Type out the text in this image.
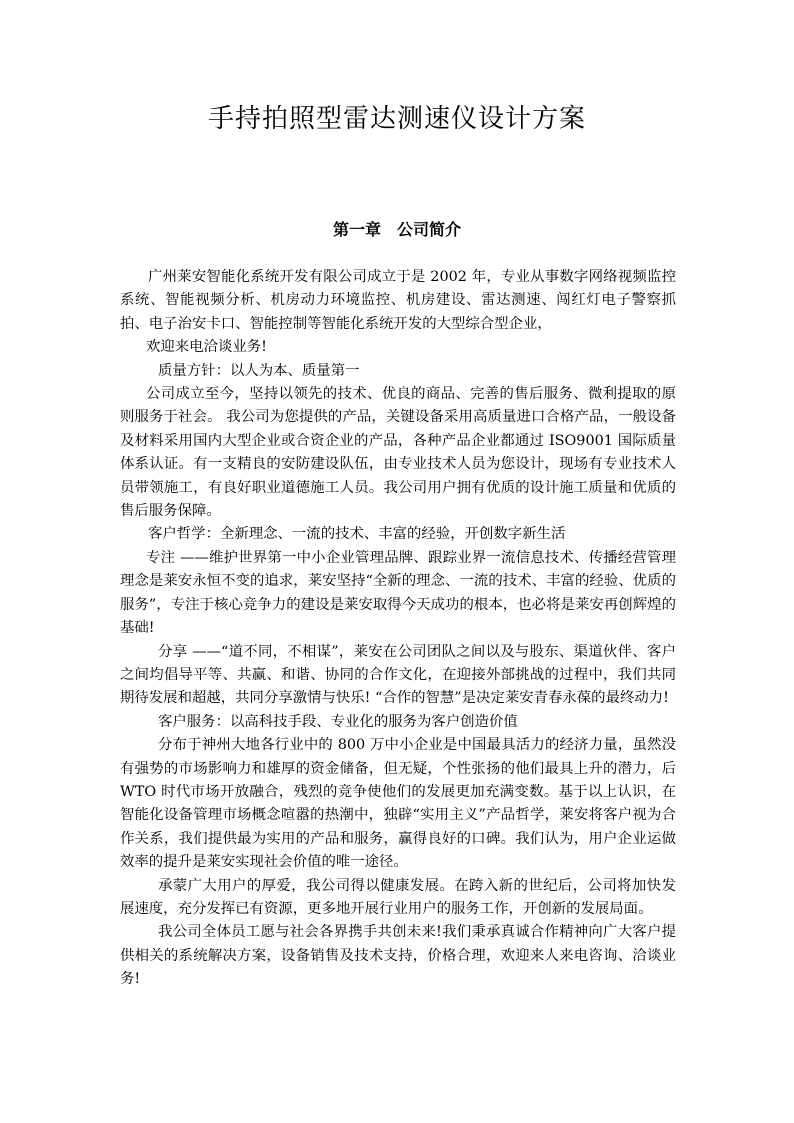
手持拍照型雷达测速仪设计方案
第一章　公司简介

广州莱安智能化系统开发有限公司成立于是 2002 年，专业从事数字网络视频监控系统、智能视频分析、机房动力环境监控、机房建设、雷达测速、闯红灯电子警察抓拍、电子治安卡口、智能控制等智能化系统开发的大型综合型企业，

欢迎来电洽谈业务!

质量方针：以人为本、质量第一

公司成立至今，坚持以领先的技术、优良的商品、完善的售后服务、微利提取的原则服务于社会。 我公司为您提供的产品，关键设备采用高质量进口合格产品，一般设备及材料采用国内大型企业或合资企业的产品，各种产品企业都通过 ISO9001 国际质量体系认证。有一支精良的安防建设队伍，由专业技术人员为您设计，现场有专业技术人员带领施工，有良好职业道德施工人员。我公司用户拥有优质的设计施工质量和优质的售后服务保障。

客户哲学：全新理念、一流的技术、丰富的经验，开创数字新生活

专注 ——维护世界第一中小企业管理品牌、跟踪业界一流信息技术、传播经营管理理念是莱安永恒不变的追求，莱安坚持“全新的理念、一流的技术、丰富的经验、优质的服务”，专注于核心竞争力的建设是莱安取得今天成功的根本，也必将是莱安再创辉煌的基础!

分享 ——“道不同，不相谋”，莱安在公司团队之间以及与股东、渠道伙伴、客户之间均倡导平等、共赢、和谐、协同的合作文化，在迎接外部挑战的过程中，我们共同期待发展和超越，共同分享激情与快乐! “合作的智慧”是决定莱安青春永葆的最终动力!

客户服务：以高科技手段、专业化的服务为客户创造价值

分布于神州大地各行业中的 800 万中小企业是中国最具活力的经济力量，虽然没有强势的市场影响力和雄厚的资金储备，但无疑，个性张扬的他们最具上升的潜力，后 WTO 时代市场开放融合，残烈的竞争使他们的发展更加充满变数。基于以上认识，在智能化设备管理市场概念喧嚣的热潮中，独辟“实用主义”产品哲学，莱安将客户视为合作关系，我们提供最为实用的产品和服务，赢得良好的口碑。我们认为，用户企业运做效率的提升是莱安实现社会价值的唯一途径。

承蒙广大用户的厚爱，我公司得以健康发展。在跨入新的世纪后，公司将加快发展速度，充分发挥已有资源，更多地开展行业用户的服务工作，开创新的发展局面。

我公司全体员工愿与社会各界携手共创未来!我们秉承真诚合作精神向广大客户提供相关的系统解决方案，设备销售及技术支持，价格合理，欢迎来人来电咨询、洽谈业务!
